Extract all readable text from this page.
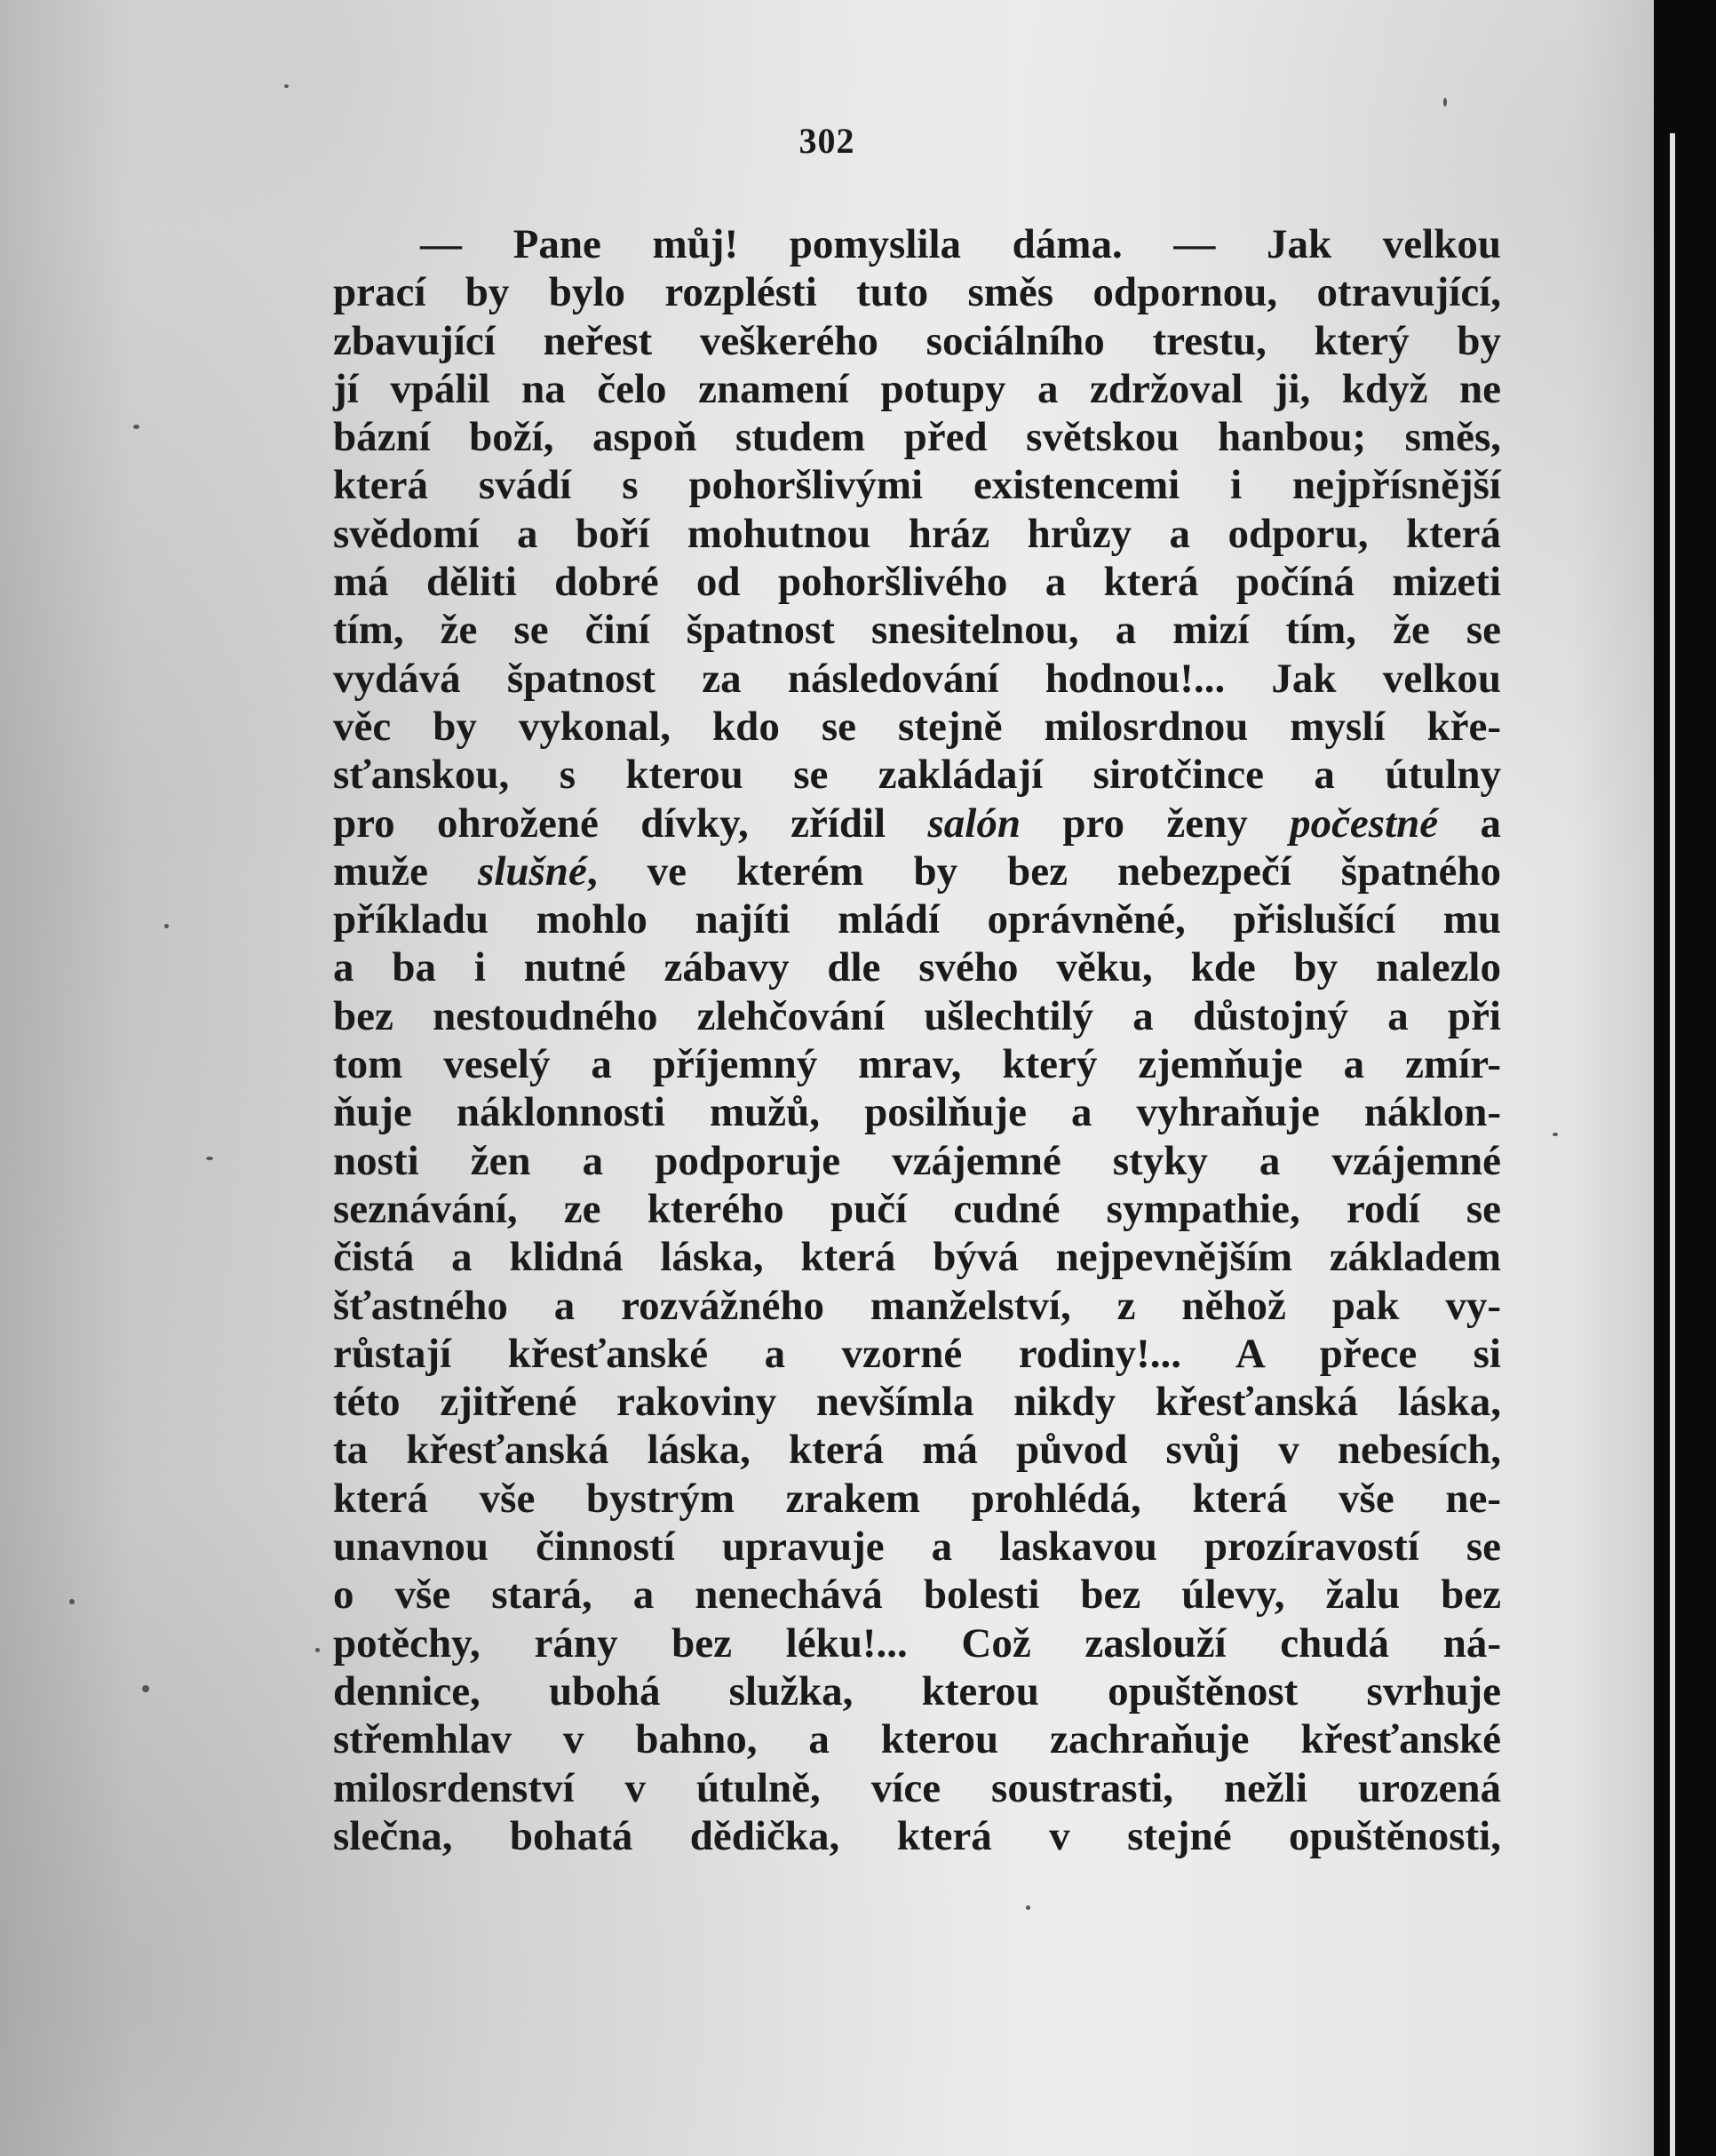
302
— Pane můj! pomyslila dáma. — Jak velkou
prací by bylo rozplésti tuto směs odpornou, otravující,
zbavující neřest veškerého sociálního trestu, který by
jí vpálil na čelo znamení potupy a zdržoval ji, když ne
bázní boží, aspoň studem před světskou hanbou; směs,
která svádí s pohoršlivými existencemi i nejpřísnější
svědomí a boří mohutnou hráz hrůzy a odporu, která
má děliti dobré od pohoršlivého a která počíná mizeti
tím, že se činí špatnost snesitelnou, a mizí tím, že se
vydává špatnost za následování hodnou!... Jak velkou
věc by vykonal, kdo se stejně milosrdnou myslí kře-
sťanskou, s kterou se zakládají sirotčince a útulny
pro ohrožené dívky, zřídil salón pro ženy počestné a
muže slušné, ve kterém by bez nebezpečí špatného
příkladu mohlo najíti mládí oprávněné, přislušící mu
a ba i nutné zábavy dle svého věku, kde by nalezlo
bez nestoudného zlehčování ušlechtilý a důstojný a při
tom veselý a příjemný mrav, který zjemňuje a zmír-
ňuje náklonnosti mužů, posilňuje a vyhraňuje náklon-
nosti žen a podporuje vzájemné styky a vzájemné
seznávání, ze kterého pučí cudné sympathie, rodí se
čistá a klidná láska, která bývá nejpevnějším základem
šťastného a rozvážného manželství, z něhož pak vy-
růstají křesťanské a vzorné rodiny!... A přece si
této zjitřené rakoviny nevšímla nikdy křesťanská láska,
ta křesťanská láska, která má původ svůj v nebesích,
která vše bystrým zrakem prohlédá, která vše ne-
unavnou činností upravuje a laskavou prozíravostí se
o vše stará, a nenechává bolesti bez úlevy, žalu bez
potěchy, rány bez léku!... Což zaslouží chudá ná-
dennice, ubohá služka, kterou opuštěnost svrhuje
střemhlav v bahno, a kterou zachraňuje křesťanské
milosrdenství v útulně, více soustrasti, nežli urozená
slečna, bohatá dědička, která v stejné opuštěnosti,
